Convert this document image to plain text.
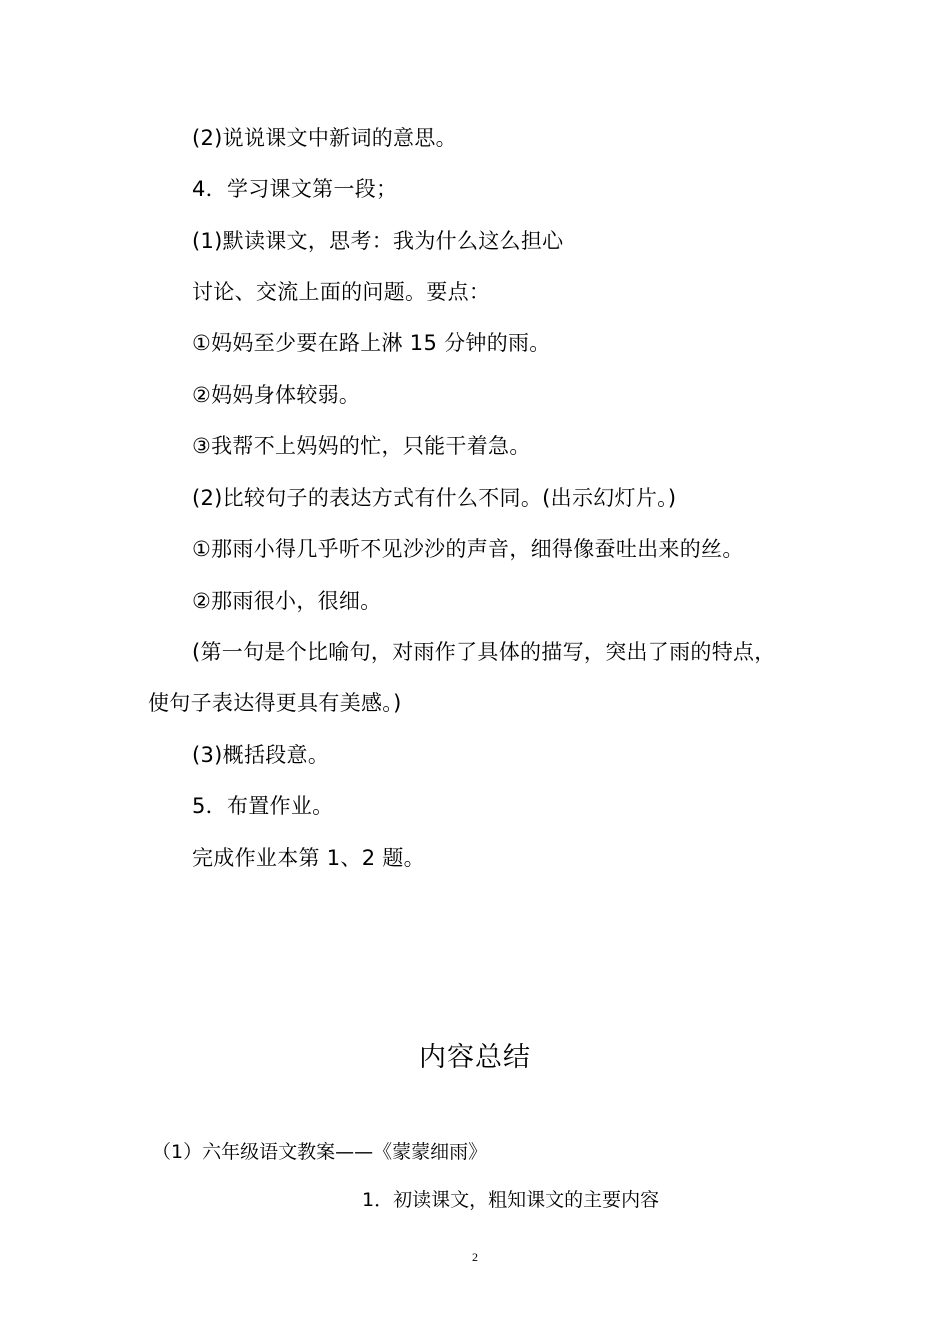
(2)说说课文中新词的意思。
4．学习课文第一段；
(1)默读课文，思考：我为什么这么担心
讨论、交流上面的问题。要点：
①妈妈至少要在路上淋 15 分钟的雨。
②妈妈身体较弱。
③我帮不上妈妈的忙，只能干着急。
(2)比较句子的表达方式有什么不同。(出示幻灯片。)
①那雨小得几乎听不见沙沙的声音，细得像蚕吐出来的丝。
②那雨很小，很细。
(第一句是个比喻句，对雨作了具体的描写，突出了雨的特点，
使句子表达得更具有美感。)
(3)概括段意。
5．布置作业。
完成作业本第 1、2 题。
内容总结
（1）六年级语文教案——《蒙蒙细雨》
1．初读课文，粗知课文的主要内容
2
